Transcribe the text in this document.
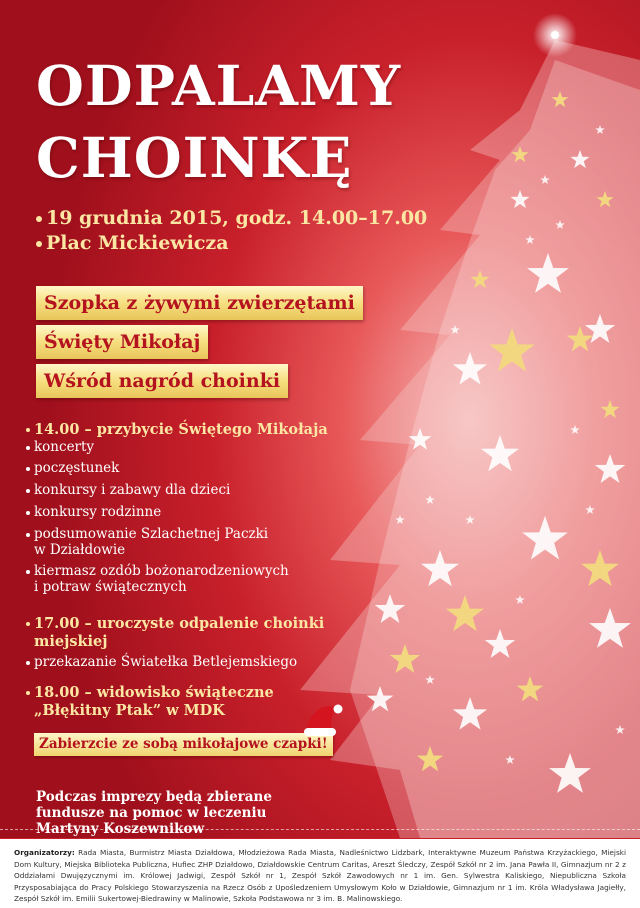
ODPALAMY
CHOINKĘ
19 grudnia 2015, godz. 14.00–17.00
Plac Mickiewicza
Szopka z żywymi zwierzętami
Święty Mikołaj
Wśród nagród choinki
14.00 – przybycie Świętego Mikołaja
koncerty
poczęstunek
konkursy i zabawy dla dzieci
konkursy rodzinne
podsumowanie Szlachetnej Paczki
w Działdowie
kiermasz ozdób bożonarodzeniowych
i potraw świątecznych
17.00 – uroczyste odpalenie choinki
miejskiej
przekazanie Światełka Betlejemskiego
18.00 – widowisko świąteczne
„Błękitny Ptak” w MDK
Zabierzcie ze sobą mikołajowe czapki!
Podczas imprezy będą zbierane fundusze na pomoc w leczeniu Martyny Koszewnikow
Organizatorzy: Rada Miasta, Burmistrz Miasta Działdowa, Młodzieżowa Rada Miasta, Nadleśnictwo Lidzbark, Interaktywne Muzeum Państwa Krzyżackiego, Miejski Dom Kultury, Miejska Biblioteka Publiczna, Hufiec ZHP Działdowo, Działdowskie Centrum Caritas, Areszt Śledczy, Zespół Szkół nr 2 im. Jana Pawła II, Gimnazjum nr 2 z Oddziałami Dwujęzycznymi im. Królowej Jadwigi, Zespół Szkół nr 1, Zespół Szkół Zawodowych nr 1 im. Gen. Sylwestra Kaliskiego, Niepubliczna Szkoła Przysposabiająca do Pracy Polskiego Stowarzyszenia na Rzecz Osób z Upośledzeniem Umysłowym Koło w Działdowie, Gimnazjum nr 1 im. Króla Władysława Jagiełły, Zespół Szkół im. Emilii Sukertowej-Biedrawiny w Malinowie, Szkoła Podstawowa nr 3 im. B. Malinowskiego.
